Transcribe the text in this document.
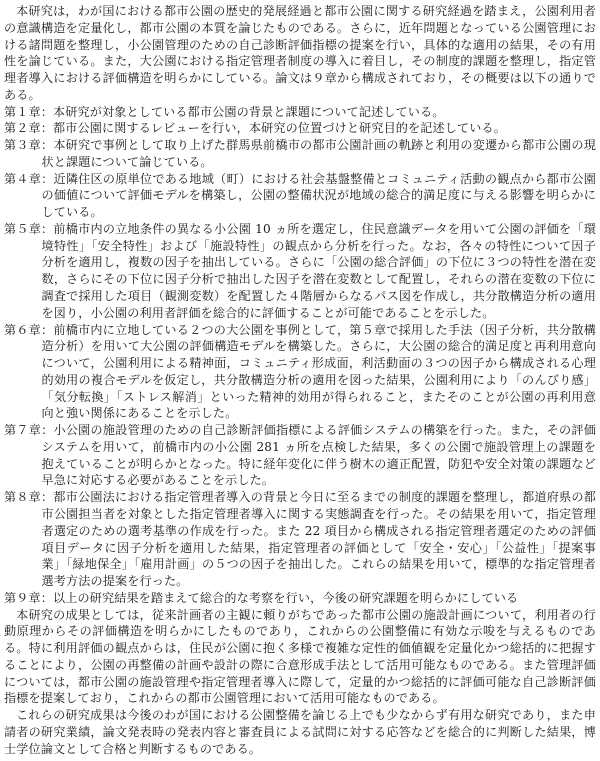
本研究は，わが国における都市公園の歴史的発展経過と都市公園に関する研究経過を踏まえ，公園利用者の意識構造を定量化し，都市公園の本質を論じたものである。さらに，近年問題となっている公園管理における諸問題を整理し，小公園管理のための自己診断評価指標の提案を行い，具体的な適用の結果，その有用性を論じている。また，大公園における指定管理者制度の導入に着目し，その制度的課題を整理し，指定管理者導入における評価構造を明らかにしている。論文は９章から構成されており，その概要は以下の通りである。

第１章：本研究が対象としている都市公園の背景と課題について記述している。

第２章：都市公園に関するレビューを行い，本研究の位置づけと研究目的を記述している。

第３章：本研究で事例として取り上げた群馬県前橋市の都市公園計画の軌跡と利用の変遷から都市公園の現状と課題について論じている。

第４章：近隣住区の原単位である地域（町）における社会基盤整備とコミュニティ活動の観点から都市公園の価値について評価モデルを構築し，公園の整備状況が地域の総合的満足度に与える影響を明らかにしている。

第５章：前橋市内の立地条件の異なる小公園 10 ヵ所を選定し，住民意識データを用いて公園の評価を「環境特性」「安全特性」および「施設特性」の観点から分析を行った。なお，各々の特性について因子分析を適用し，複数の因子を抽出している。さらに「公園の総合評価」の下位に３つの特性を潜在変数，さらにその下位に因子分析で抽出した因子を潜在変数として配置し，それらの潜在変数の下位に調査で採用した項目（観測変数）を配置した４階層からなるパス図を作成し，共分散構造分析の適用を図り，小公園の利用者評価を総合的に評価することが可能であることを示した。

第６章：前橋市内に立地している２つの大公園を事例として，第５章で採用した手法（因子分析，共分散構造分析）を用いて大公園の評価構造モデルを構築した。さらに，大公園の総合的満足度と再利用意向について，公園利用による精神面，コミュニティ形成面，利活動面の３つの因子から構成される心理的効用の複合モデルを仮定し，共分散構造分析の適用を図った結果，公園利用により「のんびり感」「気分転換」「ストレス解消」といった精神的効用が得られること，またそのことが公園の再利用意向と強い関係にあることを示した。

第７章：小公園の施設管理のための自己診断評価指標による評価システムの構築を行った。また，その評価システムを用いて，前橋市内の小公園 281 ヵ所を点検した結果，多くの公園で施設管理上の課題を抱えていることが明らかとなった。特に経年変化に伴う樹木の適正配置，防犯や安全対策の課題など早急に対応する必要があることを示した。

第８章：都市公園法における指定管理者導入の背景と今日に至るまでの制度的課題を整理し，都道府県の都市公園担当者を対象とした指定管理者導入に関する実態調査を行った。その結果を用いて，指定管理者選定のための選考基準の作成を行った。また 22 項目から構成される指定管理者選定のための評価項目データに因子分析を適用した結果，指定管理者の評価として「安全・安心」「公益性」「提案事業」「緑地保全」「雇用計画」の５つの因子を抽出した。これらの結果を用いて，標準的な指定管理者選考方法の提案を行った。

第９章：以上の研究結果を踏まえて総合的な考察を行い，今後の研究課題を明らかにしている

本研究の成果としては，従来計画者の主観に頼りがちであった都市公園の施設計画について，利用者の行動原理からその評価構造を明らかにしたものであり，これからの公園整備に有効な示唆を与えるものである。特に利用評価の観点からは，住民が公園に抱く多様で複雑な定性的価値観を定量化かつ総括的に把握することにより，公園の再整備の計画や設計の際に合意形成手法として活用可能なものである。また管理評価については，都市公園の施設管理や指定管理者導入に際して，定量的かつ総括的に評価可能な自己診断評価指標を提案しており，これからの都市公園管理において活用可能なものである。

これらの研究成果は今後のわが国における公園整備を論じる上でも少なからず有用な研究であり，また申請者の研究業績，論文発表時の発表内容と審査員による試問に対する応答などを総合的に判断した結果，博士学位論文として合格と判断するものである。
